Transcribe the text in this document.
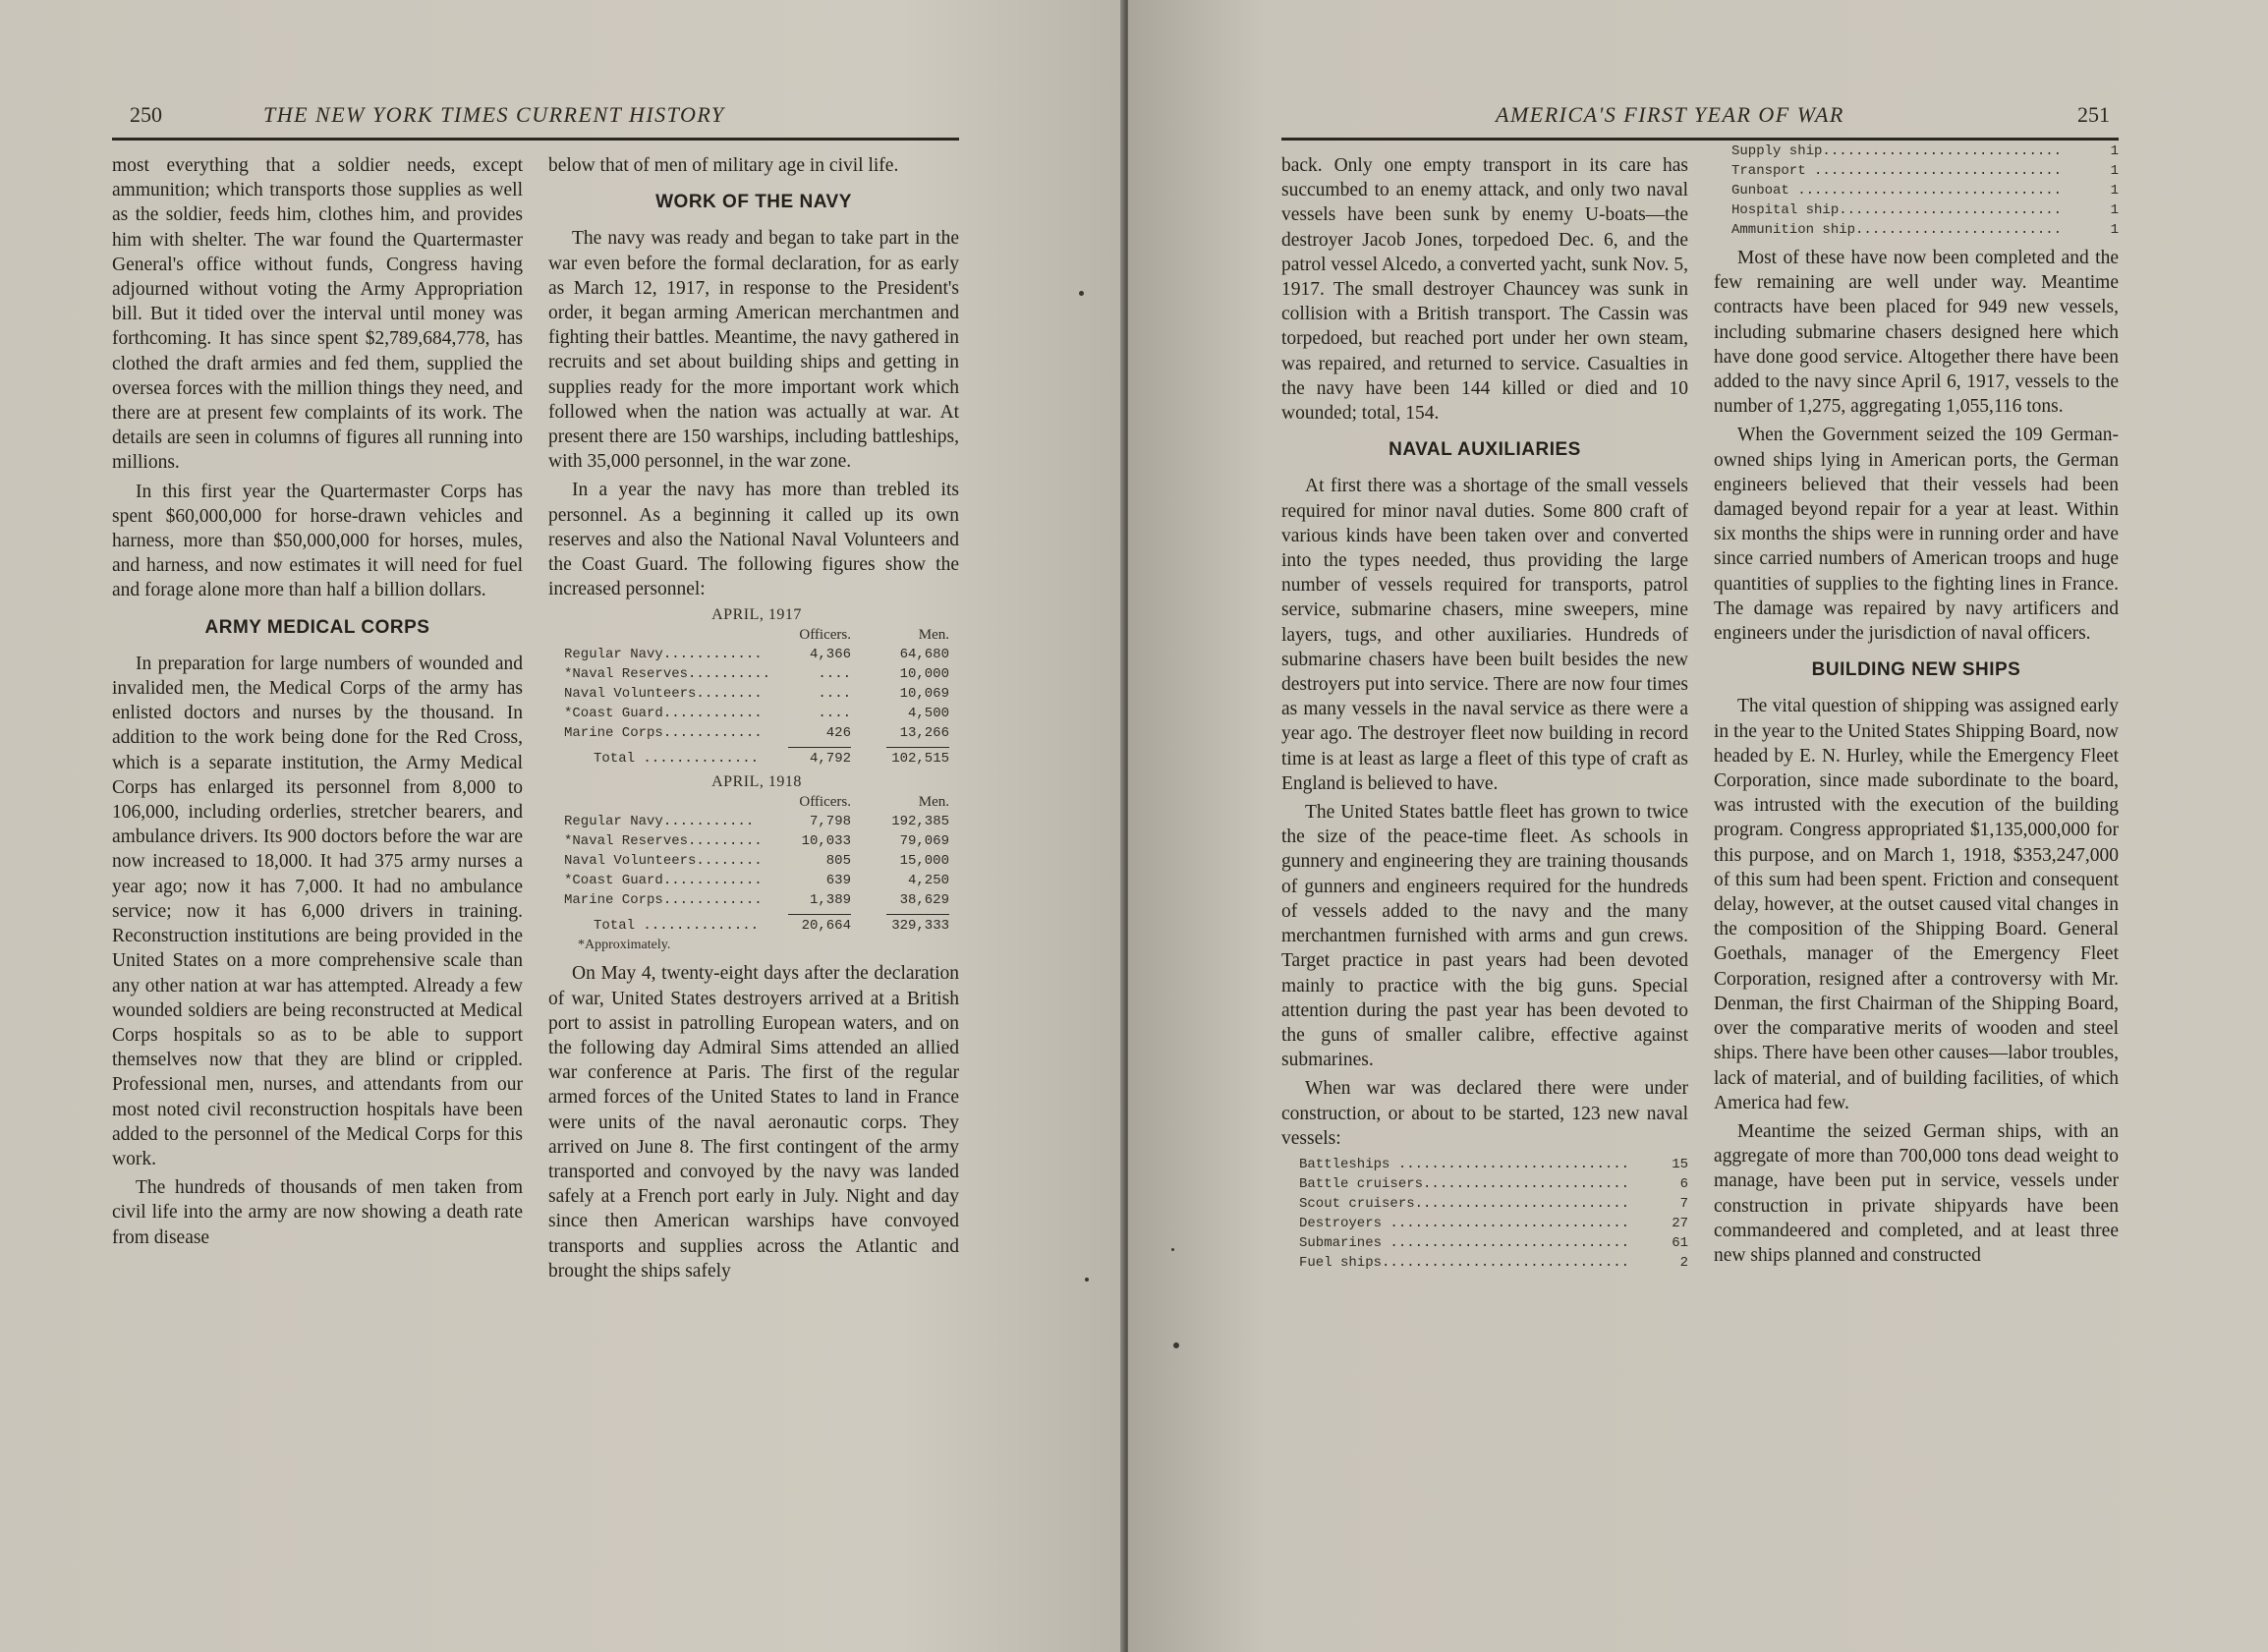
250	THE NEW YORK TIMES CURRENT HISTORY

most everything that a soldier needs, except ammunition; which transports those supplies as well as the soldier, feeds him, clothes him, and provides him with shelter. The war found the Quartermaster General's office without funds, Congress having adjourned without voting the Army Appropriation bill. But it tided over the interval until money was forthcoming. It has since spent $2,789,684,778, has clothed the draft armies and fed them, supplied the oversea forces with the million things they need, and there are at present few complaints of its work. The details are seen in columns of figures all running into millions.

In this first year the Quartermaster Corps has spent $60,000,000 for horse-drawn vehicles and harness, more than $50,000,000 for horses, mules, and harness, and now estimates it will need for fuel and forage alone more than half a billion dollars.

ARMY MEDICAL CORPS

In preparation for large numbers of wounded and invalided men, the Medical Corps of the army has enlisted doctors and nurses by the thousand. In addition to the work being done for the Red Cross, which is a separate institution, the Army Medical Corps has enlarged its personnel from 8,000 to 106,000, including orderlies, stretcher bearers, and ambulance drivers. Its 900 doctors before the war are now increased to 18,000. It had 375 army nurses a year ago; now it has 7,000. It had no ambulance service; now it has 6,000 drivers in training. Reconstruction institutions are being provided in the United States on a more comprehensive scale than any other nation at war has attempted. Already a few wounded soldiers are being reconstructed at Medical Corps hospitals so as to be able to support themselves now that they are blind or crippled. Professional men, nurses, and attendants from our most noted civil reconstruction hospitals have been added to the personnel of the Medical Corps for this work.

The hundreds of thousands of men taken from civil life into the army are now showing a death rate from disease

below that of men of military age in civil life.

WORK OF THE NAVY

The navy was ready and began to take part in the war even before the formal declaration, for as early as March 12, 1917, in response to the President's order, it began arming American merchantmen and fighting their battles. Meantime, the navy gathered in recruits and set about building ships and getting in supplies ready for the more important work which followed when the nation was actually at war. At present there are 150 warships, including battleships, with 35,000 personnel, in the war zone.

In a year the navy has more than trebled its personnel. As a beginning it called up its own reserves and also the National Naval Volunteers and the Coast Guard. The following figures show the increased personnel:

APRIL, 1917
Officers.	Men.
Regular Navy............	4,366	64,680
*Naval Reserves..........	....	10,000
Naval Volunteers........	....	10,069
*Coast Guard............	....	4,500
Marine Corps............	426	13,266
Total ..............	4,792	102,515
APRIL, 1918
Officers.	Men.
Regular Navy...........	7,798	192,385
*Naval Reserves.........	10,033	79,069
Naval Volunteers........	805	15,000
*Coast Guard............	639	4,250
Marine Corps............	1,389	38,629
Total ..............	20,664	329,333
*Approximately.

On May 4, twenty-eight days after the declaration of war, United States destroyers arrived at a British port to assist in patrolling European waters, and on the following day Admiral Sims attended an allied war conference at Paris. The first of the regular armed forces of the United States to land in France were units of the naval aeronautic corps. They arrived on June 8. The first contingent of the army transported and convoyed by the navy was landed safely at a French port early in July. Night and day since then American warships have convoyed transports and supplies across the Atlantic and brought the ships safely

AMERICA'S FIRST YEAR OF WAR	251

back. Only one empty transport in its care has succumbed to an enemy attack, and only two naval vessels have been sunk by enemy U-boats—the destroyer Jacob Jones, torpedoed Dec. 6, and the patrol vessel Alcedo, a converted yacht, sunk Nov. 5, 1917. The small destroyer Chauncey was sunk in collision with a British transport. The Cassin was torpedoed, but reached port under her own steam, was repaired, and returned to service. Casualties in the navy have been 144 killed or died and 10 wounded; total, 154.

NAVAL AUXILIARIES

At first there was a shortage of the small vessels required for minor naval duties. Some 800 craft of various kinds have been taken over and converted into the types needed, thus providing the large number of vessels required for transports, patrol service, submarine chasers, mine sweepers, mine layers, tugs, and other auxiliaries. Hundreds of submarine chasers have been built besides the new destroyers put into service. There are now four times as many vessels in the naval service as there were a year ago. The destroyer fleet now building in record time is at least as large a fleet of this type of craft as England is believed to have.

The United States battle fleet has grown to twice the size of the peace-time fleet. As schools in gunnery and engineering they are training thousands of gunners and engineers required for the hundreds of vessels added to the navy and the many merchantmen furnished with arms and gun crews. Target practice in past years had been devoted mainly to practice with the big guns. Special attention during the past year has been devoted to the guns of smaller calibre, effective against submarines.

When war was declared there were under construction, or about to be started, 123 new naval vessels:

Battleships ............................	15
Battle cruisers.........................	6
Scout cruisers..........................	7
Destroyers .............................	27
Submarines .............................	61
Fuel ships..............................	2
Supply ship.............................	1
Transport ..............................	1
Gunboat ................................	1
Hospital ship...........................	1
Ammunition ship.........................	1

Most of these have now been completed and the few remaining are well under way. Meantime contracts have been placed for 949 new vessels, including submarine chasers designed here which have done good service. Altogether there have been added to the navy since April 6, 1917, vessels to the number of 1,275, aggregating 1,055,116 tons.

When the Government seized the 109 German-owned ships lying in American ports, the German engineers believed that their vessels had been damaged beyond repair for a year at least. Within six months the ships were in running order and have since carried numbers of American troops and huge quantities of supplies to the fighting lines in France. The damage was repaired by navy artificers and engineers under the jurisdiction of naval officers.

BUILDING NEW SHIPS

The vital question of shipping was assigned early in the year to the United States Shipping Board, now headed by E. N. Hurley, while the Emergency Fleet Corporation, since made subordinate to the board, was intrusted with the execution of the building program. Congress appropriated $1,135,000,000 for this purpose, and on March 1, 1918, $353,247,000 of this sum had been spent. Friction and consequent delay, however, at the outset caused vital changes in the composition of the Shipping Board. General Goethals, manager of the Emergency Fleet Corporation, resigned after a controversy with Mr. Denman, the first Chairman of the Shipping Board, over the comparative merits of wooden and steel ships. There have been other causes—labor troubles, lack of material, and of building facilities, of which America had few.

Meantime the seized German ships, with an aggregate of more than 700,000 tons dead weight to manage, have been put in service, vessels under construction in private shipyards have been commandeered and completed, and at least three new ships planned and constructed
